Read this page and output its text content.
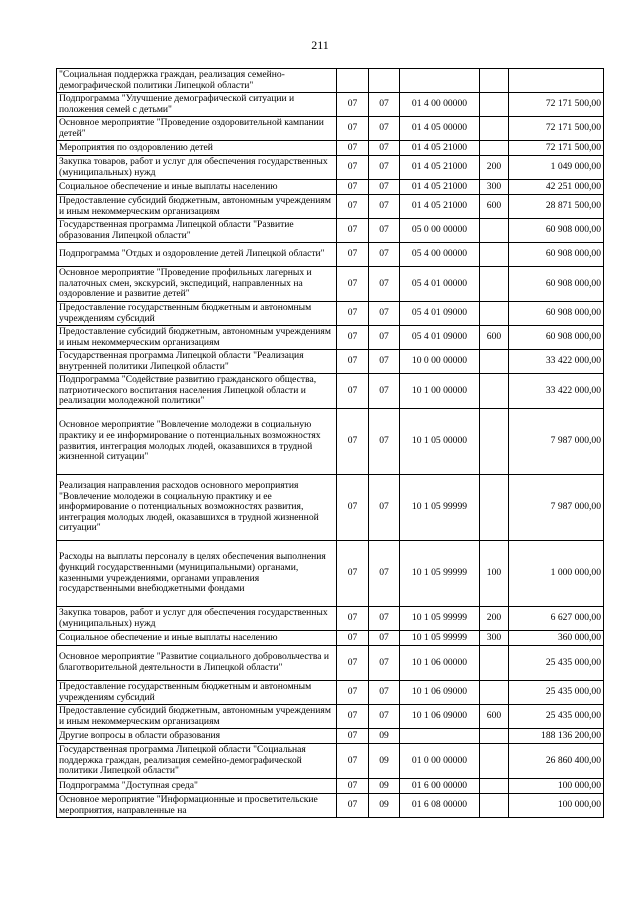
211
"Социальная поддержка граждан, реализация семейно-демографической политики Липецкой области"					
Подпрограмма "Улучшение демографической ситуации и положения семей с детьми"	07	07	01 4 00 00000		72 171 500,00
Основное мероприятие "Проведение оздоровительной кампании детей"	07	07	01 4 05 00000		72 171 500,00
Мероприятия по оздоровлению детей	07	07	01 4 05 21000		72 171 500,00
Закупка товаров, работ и услуг для обеспечения государственных (муниципальных) нужд	07	07	01 4 05 21000	200	1 049 000,00
Социальное обеспечение и иные выплаты населению	07	07	01 4 05 21000	300	42 251 000,00
Предоставление субсидий бюджетным, автономным учреждениям и иным некоммерческим организациям	07	07	01 4 05 21000	600	28 871 500,00
Государственная программа Липецкой области "Развитие образования Липецкой области"	07	07	05 0 00 00000		60 908 000,00
Подпрограмма "Отдых и оздоровление детей Липецкой области"	07	07	05 4 00 00000		60 908 000,00
Основное мероприятие "Проведение профильных лагерных и палаточных смен, экскурсий, экспедиций, направленных на оздоровление и развитие детей"	07	07	05 4 01 00000		60 908 000,00
Предоставление государственным бюджетным и автономным учреждениям субсидий	07	07	05 4 01 09000		60 908 000,00
Предоставление субсидий бюджетным, автономным учреждениям и иным некоммерческим организациям	07	07	05 4 01 09000	600	60 908 000,00
Государственная программа Липецкой области "Реализация внутренней политики Липецкой области"	07	07	10 0 00 00000		33 422 000,00
Подпрограмма "Содействие развитию гражданского общества, патриотического воспитания населения Липецкой области и реализации молодежной политики"	07	07	10 1 00 00000		33 422 000,00
Основное мероприятие "Вовлечение молодежи в социальную практику и ее информирование о потенциальных возможностях развития, интеграция молодых людей, оказавшихся в трудной жизненной ситуации"	07	07	10 1 05 00000		7 987 000,00
Реализация направления расходов основного мероприятия "Вовлечение молодежи в социальную практику и ее информирование о потенциальных возможностях развития, интеграция молодых людей, оказавшихся в трудной жизненной ситуации"	07	07	10 1 05 99999		7 987 000,00
Расходы на выплаты персоналу в целях обеспечения выполнения функций государственными (муниципальными) органами, казенными учреждениями, органами управления государственными внебюджетными фондами	07	07	10 1 05 99999	100	1 000 000,00
Закупка товаров, работ и услуг для обеспечения государственных (муниципальных) нужд	07	07	10 1 05 99999	200	6 627 000,00
Социальное обеспечение и иные выплаты населению	07	07	10 1 05 99999	300	360 000,00
Основное мероприятие "Развитие социального добровольчества и благотворительной деятельности в Липецкой области"	07	07	10 1 06 00000		25 435 000,00
Предоставление государственным бюджетным и автономным учреждениям субсидий	07	07	10 1 06 09000		25 435 000,00
Предоставление субсидий бюджетным, автономным учреждениям и иным некоммерческим организациям	07	07	10 1 06 09000	600	25 435 000,00
Другие вопросы в области образования	07	09			188 136 200,00
Государственная программа Липецкой области "Социальная поддержка граждан, реализация семейно-демографической политики Липецкой области"	07	09	01 0 00 00000		26 860 400,00
Подпрограмма "Доступная среда"	07	09	01 6 00 00000		100 000,00
Основное мероприятие "Информационные и просветительские мероприятия, направленные на	07	09	01 6 08 00000		100 000,00
